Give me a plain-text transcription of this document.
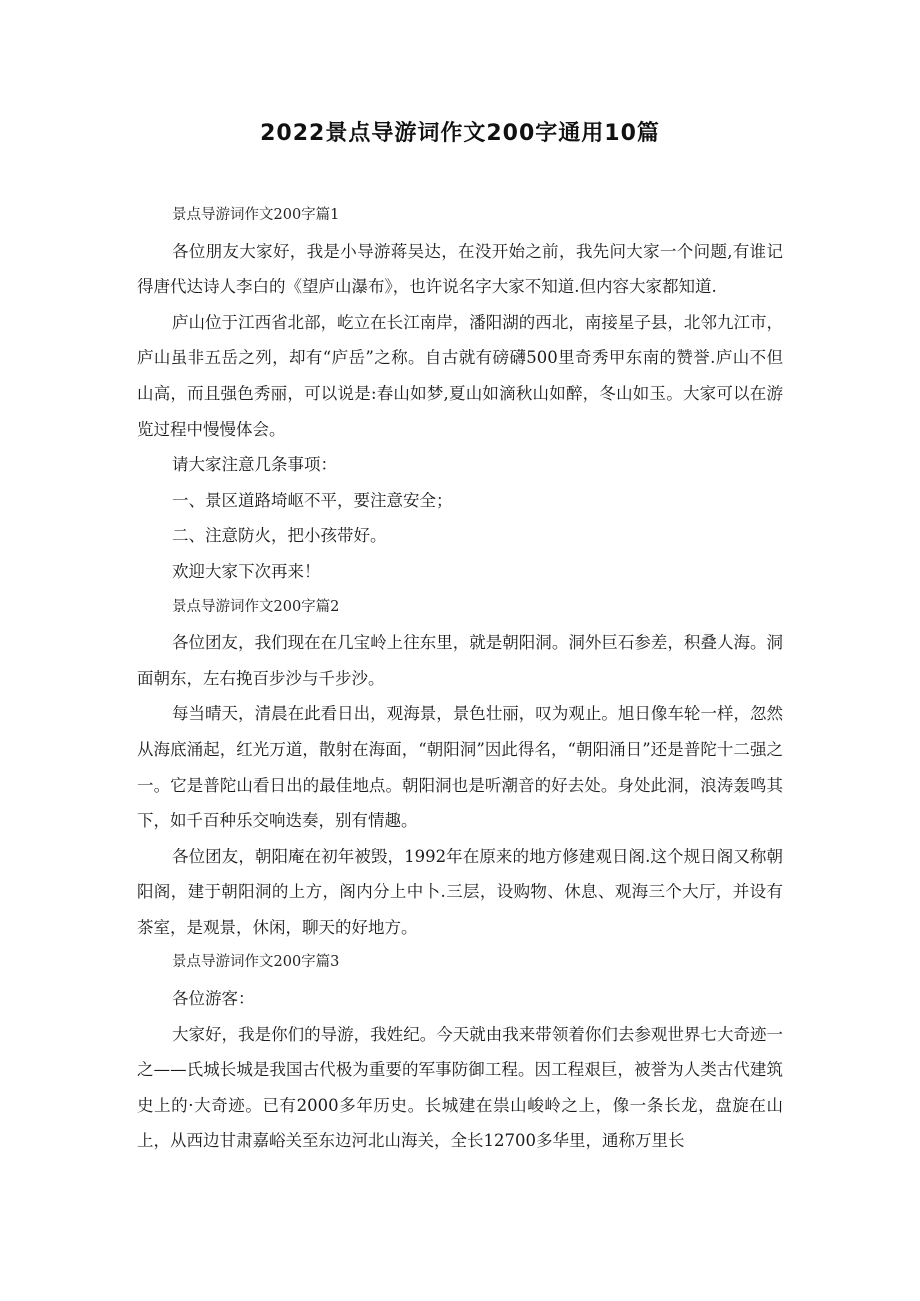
2022景点导游词作文200字通用10篇

景点导游词作文200字篇1

各位朋友大家好，我是小导游蒋吴达，在没开始之前，我先问大家一个问题,有谁记得唐代达诗人李白的《望庐山瀑布》，也许说名字大家不知道.但内容大家都知道.

庐山位于江西省北部，屹立在长江南岸，潘阳湖的西北，南接星子县，北邻九江市，庐山虽非五岳之列，却有“庐岳”之称。自古就有磅礴500里奇秀甲东南的赞誉.庐山不但山高，而且强色秀丽，可以说是:春山如梦,夏山如滴秋山如醉，冬山如玉。大家可以在游览过程中慢慢体会。

请大家注意几条事项：

一、景区道路埼岖不平，要注意安全；

二、注意防火，把小孩带好。

欢迎大家下次再来！

景点导游词作文200字篇2

各位团友，我们现在在几宝岭上往东里，就是朝阳洞。洞外巨石参差，积叠人海。洞面朝东，左右挽百步沙与千步沙。

每当晴天，清晨在此看日出，观海景，景色壮丽，叹为观止。旭日像车轮一样，忽然从海底涌起，红光万道，散射在海面，“朝阳洞”因此得名，“朝阳涌日”还是普陀十二强之一。它是普陀山看日出的最佳地点。朝阳洞也是听潮音的好去处。身处此洞，浪涛轰鸣其下，如千百种乐交响迭奏，别有情趣。

各位团友，朝阳庵在初年被毁，1992年在原来的地方修建观日阁.这个规日阁又称朝阳阁，建于朝阳洞的上方，阁内分上中卜.三层，设购物、休息、观海三个大厅，并设有茶室，是观景，休闲，聊天的好地方。

景点导游词作文200字篇3

各位游客：

大家好，我是你们的导游，我姓纪。今天就由我来带领着你们去参观世界七大奇迹一之——氏城长城是我国古代极为重要的军事防御工程。因工程艰巨，被誉为人类古代建筑史上的·大奇迹。已有2000多年历史。长城建在祟山峻岭之上，像一条长龙，盘旋在山上，从西边甘肃嘉峪关至东边河北山海关，全长12700多华里，通称万里长
